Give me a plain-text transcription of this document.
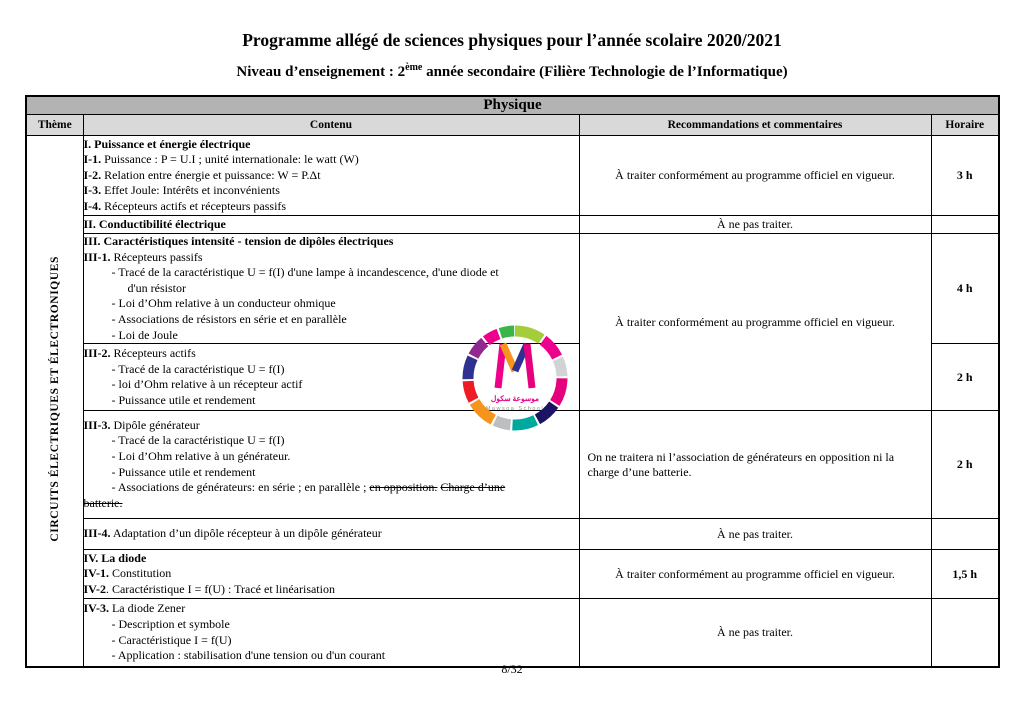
Programme allégé de sciences physiques pour l’année scolaire 2020/2021
Niveau d’enseignement : 2ème année secondaire (Filière Technologie de l’Informatique)
Physique			
Thème	Contenu	Recommandations et commentaires	Horaire
CIRCUITS ÉLECTRIQUES ET ÉLECTRONIQUES	I. Puissance et énergie électrique
I-1. Puissance : P = U.I ; unité internationale: le watt (W)
I-2. Relation entre énergie et puissance: W = P.Δt
I-3. Effet Joule: Intérêts et inconvénients
I-4. Récepteurs actifs et récepteurs passifs	À traiter conformément au programme officiel en vigueur.	3 h

	II. Conductibilité électrique	À ne pas traiter.	

III. Caractéristiques intensité - tension de dipôles électriques
III-1. Récepteurs passifs
- Tracé de la caractéristique U = f(I) d'une lampe à incandescence, d'une diode et
d'un résistor
- Loi d’Ohm relative à un conducteur ohmique
- Associations de résistors en série et en parallèle
- Loi de Joule
	À traiter conformément au programme officiel en vigueur.	4 h

	III-2. Récepteurs actifs
- Tracé de la caractéristique U = f(I)
- loi d’Ohm relative à un récepteur actif
- Puissance utile et rendement		2 h

III-3. Dipôle générateur
- Tracé de la caractéristique U = f(I)
- Loi d’Ohm relative à un générateur.
- Puissance utile et rendement
- Associations de générateurs: en série ; en parallèle ; en opposition. Charge d’une
batterie.
	On ne traitera ni l’association de générateurs en opposition ni la charge d’une batterie.	2 h

	III-4. Adaptation d’un dipôle récepteur à un dipôle générateur	À ne pas traiter.	

	IV. La diode
IV-1. Constitution
IV-2. Caractéristique I = f(U) : Tracé et linéarisation	À traiter conformément au programme officiel en vigueur.	1,5 h

	IV-3. La diode Zener
- Description et symbole
- Caractéristique I = f(U)
- Application : stabilisation d'une tension ou d'un courant	À ne pas traiter.	
موسوعة سكول
Mawsoa School
8/32
